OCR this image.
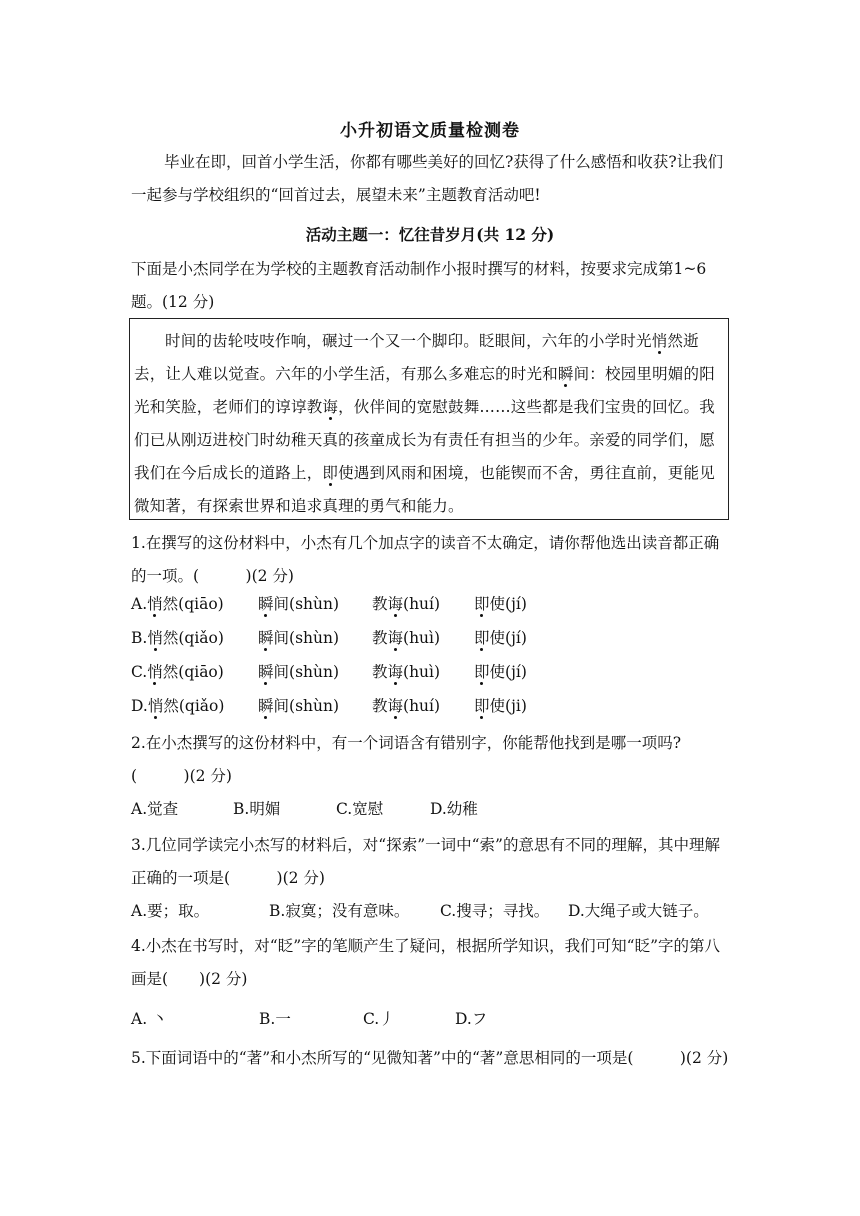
小升初语文质量检测卷

毕业在即，回首小学生活，你都有哪些美好的回忆?获得了什么感悟和收获?让我们一起参与学校组织的“回首过去，展望未来”主题教育活动吧!

活动主题一：忆往昔岁月(共 12 分)

下面是小杰同学在为学校的主题教育活动制作小报时撰写的材料，按要求完成第1~6 题。(12 分)

时间的齿轮吱吱作响，碾过一个又一个脚印。眨眼间，六年的小学时光悄然逝去，让人难以觉查。六年的小学生活，有那么多难忘的时光和瞬间：校园里明媚的阳光和笑脸，老师们的谆谆教诲，伙伴间的宽慰鼓舞……这些都是我们宝贵的回忆。我们已从刚迈进校门时幼稚天真的孩童成长为有责任有担当的少年。亲爱的同学们，愿我们在今后成长的道路上，即使遇到风雨和困境，也能锲而不舍，勇往直前，更能见微知著，有探索世界和追求真理的勇气和能力。

1.在撰写的这份材料中，小杰有几个加点字的读音不太确定，请你帮他选出读音都正确的一项。(　　　)(2 分)
A.悄然(qiāo) 瞬间(shùn) 教诲(huí) 即使(jí)
B.悄然(qiǎo) 瞬间(shùn) 教诲(huì) 即使(jí)
C.悄然(qiāo) 瞬间(shùn) 教诲(huì) 即使(jí)
D.悄然(qiǎo) 瞬间(shùn) 教诲(huí) 即使(ji)
2.在小杰撰写的这份材料中，有一个词语含有错别字，你能帮他找到是哪一项吗?(　　　)(2 分)
A.觉查	B.明媚	C.宽慰	D.幼稚
3.几位同学读完小杰写的材料后，对“探索”一词中“索”的意思有不同的理解，其中理解正确的一项是(　　　)(2 分)
A.要；取。	B.寂寞；没有意味。 C.搜寻；寻找。 D.大绳子或大链子。
4.小杰在书写时，对“眨”字的笔顺产生了疑问，根据所学知识，我们可知“眨”字的第八画是(　　)(2 分)
A. 丶	B.一	C.丿	D.フ
5.下面词语中的“著”和小杰所写的“见微知著”中的“著”意思相同的一项是(　　　)(2 分)
